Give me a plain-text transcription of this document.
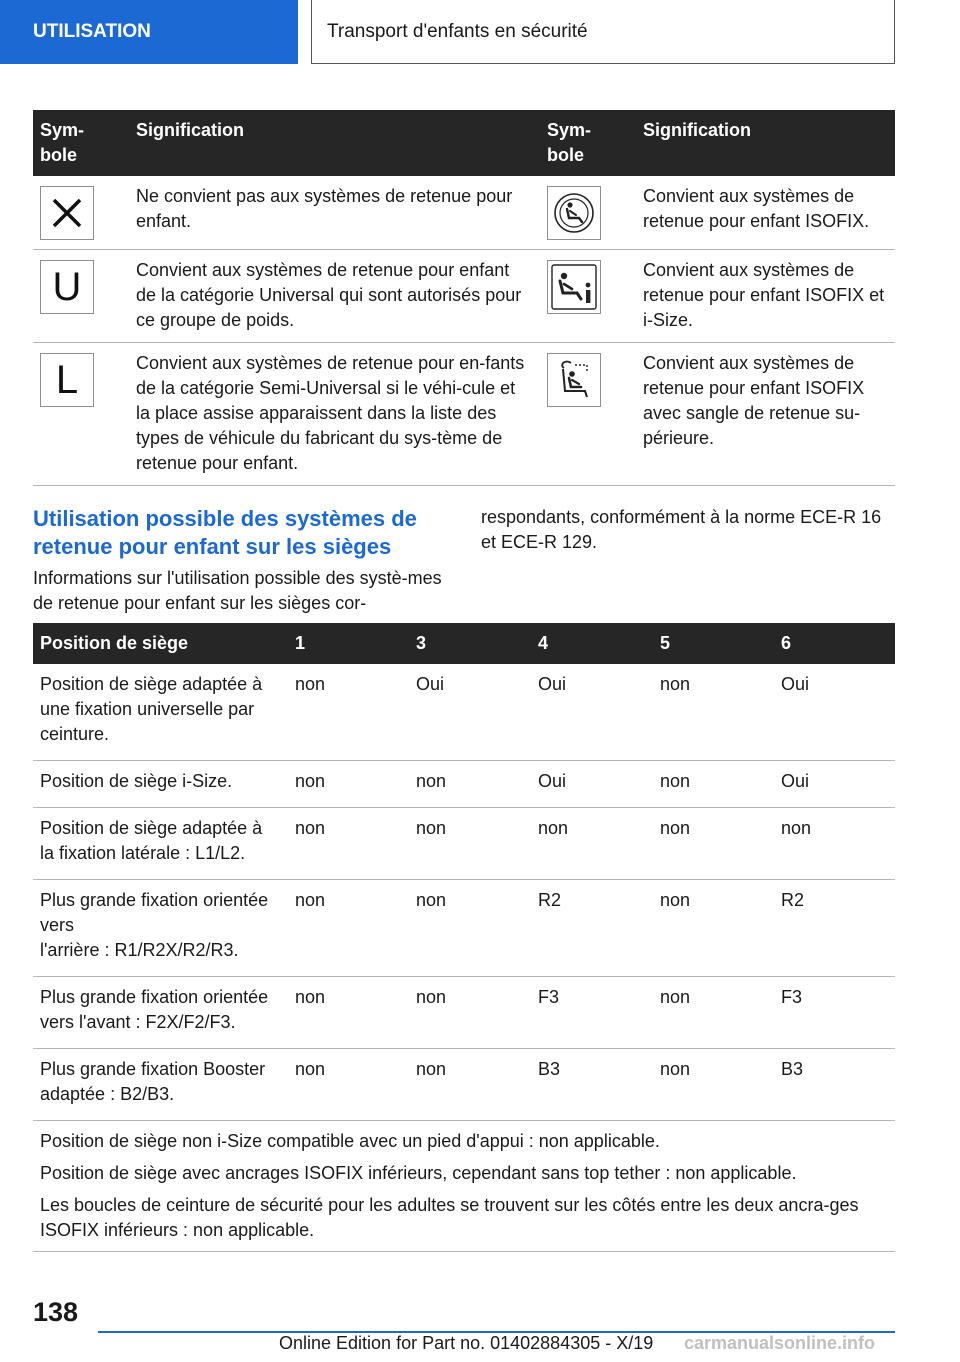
UTILISATION	Transport d'enfants en sécurité
Sym-
bole	Signification	Sym-
bole	Signification

	Ne convient pas aux systèmes de retenue pour enfant.		Convient aux systèmes de retenue pour enfant ISOFIX.

U	Convient aux systèmes de retenue pour enfant de la catégorie Universal qui sont autorisés pour ce groupe de poids.		Convient aux systèmes de retenue pour enfant ISOFIX et i-Size.

L	Convient aux systèmes de retenue pour en-fants de la catégorie Semi-Universal si le véhi-cule et la place assise apparaissent dans la liste des types de véhicule du fabricant du sys-tème de retenue pour enfant.		Convient aux systèmes de retenue pour enfant ISOFIX avec sangle de retenue su-périeure.
Utilisation possible des systèmes de retenue pour enfant sur les sièges

Informations sur l'utilisation possible des systè-mes de retenue pour enfant sur les sièges cor-

respondants, conformément à la norme ECE-R 16 et ECE-R 129.

Position de siège	1	3	4	5	6
Position de siège adaptée à une fixation universelle par ceinture.	non	Oui	Oui	non	Oui
Position de siège i-Size.	non	non	Oui	non	Oui
Position de siège adaptée à la fixation latérale : L1/L2.	non	non	non	non	non
Plus grande fixation orientée vers
l'arrière : R1/R2X/R2/R3.	non	non	R2	non	R2
Plus grande fixation orientée vers l'avant : F2X/F2/F3.	non	non	F3	non	F3
Plus grande fixation Booster adaptée : B2/B3.	non	non	B3	non	B3

Position de siège non i-Size compatible avec un pied d'appui : non applicable.

Position de siège avec ancrages ISOFIX inférieurs, cependant sans top tether : non applicable.

Les boucles de ceinture de sécurité pour les adultes se trouvent sur les côtés entre les deux ancra-ges ISOFIX inférieurs : non applicable.					

138
Online Edition for Part no. 01402884305 - X/19 carmanualsonline.info
